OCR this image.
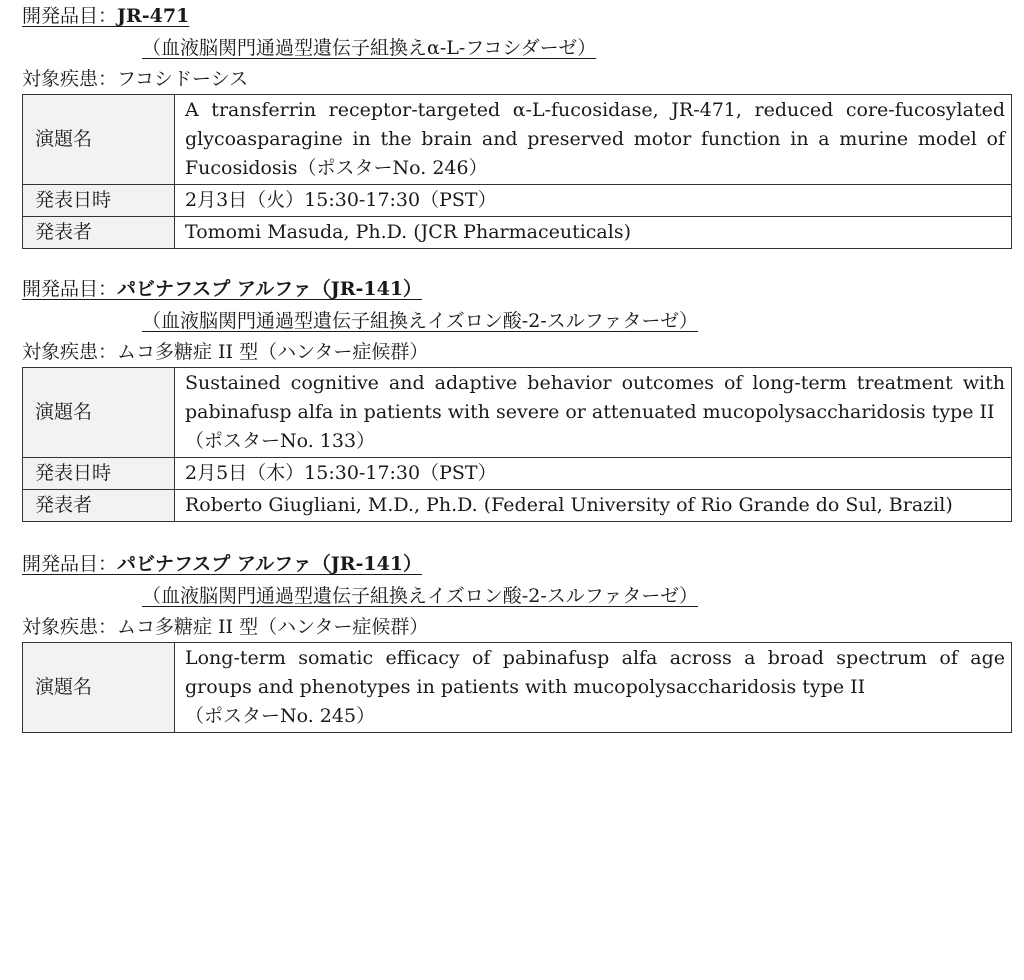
開発品目：JR-471
（血液脳関門通過型遺伝子組換えα-L-フコシダーゼ）
対象疾患：フコシドーシス
演題名	A transferrin receptor-targeted α-L-fucosidase, JR-471, reduced core-fucosylated glycoasparagine in the brain and preserved motor function in a murine model of Fucosidosis（ポスターNo. 246）
発表日時	2月3日（火）15:30-17:30（PST）
発表者	Tomomi Masuda, Ph.D. (JCR Pharmaceuticals)
開発品目：パビナフスプ アルファ（JR-141）
（血液脳関門通過型遺伝子組換えイズロン酸-2-スルファターゼ）
対象疾患：ムコ多糖症 II 型（ハンター症候群）
演題名	Sustained cognitive and adaptive behavior outcomes of long-term treatment with pabinafusp alfa in patients with severe or attenuated mucopolysaccharidosis type II
（ポスターNo. 133）
発表日時	2月5日（木）15:30-17:30（PST）
発表者	Roberto Giugliani, M.D., Ph.D. (Federal University of Rio Grande do Sul, Brazil)
開発品目：パビナフスプ アルファ（JR-141）
（血液脳関門通過型遺伝子組換えイズロン酸-2-スルファターゼ）
対象疾患：ムコ多糖症 II 型（ハンター症候群）
演題名	Long-term somatic efficacy of pabinafusp alfa across a broad spectrum of age groups and phenotypes in patients with mucopolysaccharidosis type II
（ポスターNo. 245）
